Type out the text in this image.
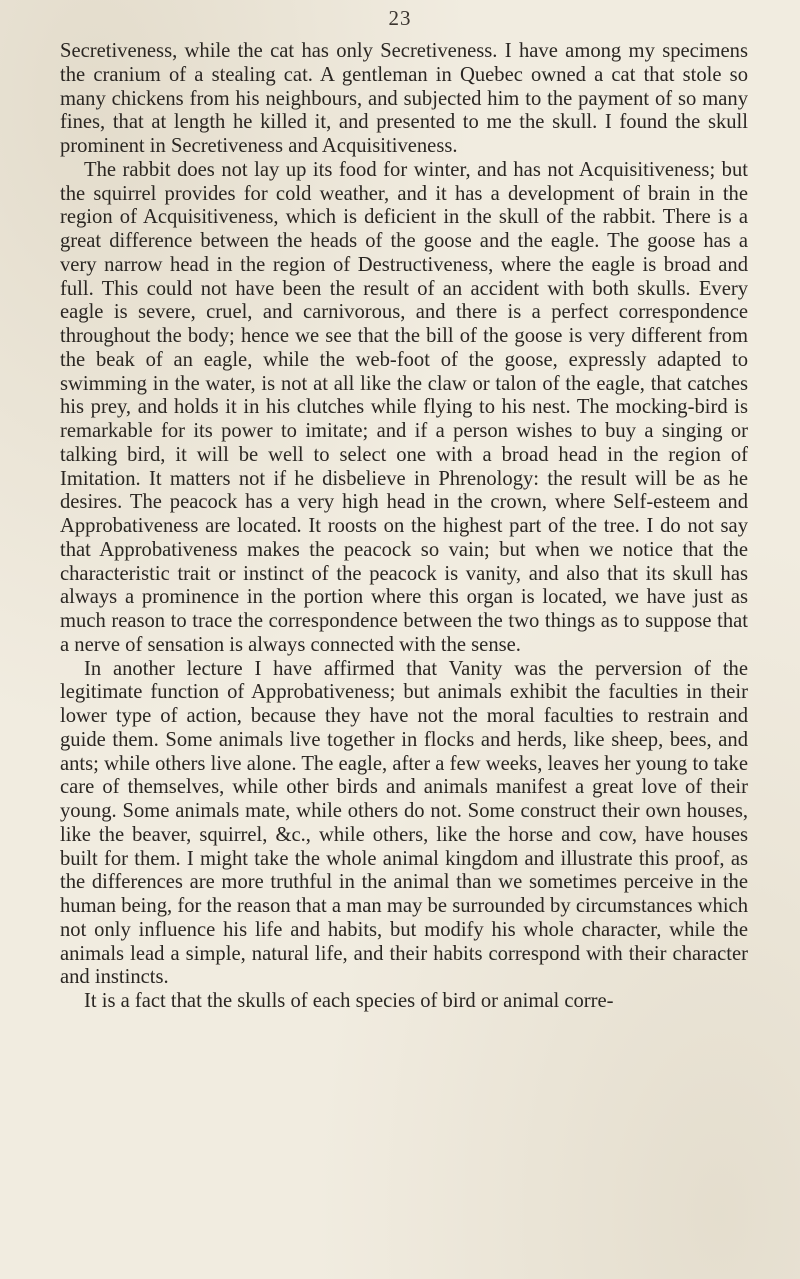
23

Secretiveness, while the cat has only Secretiveness. I have among my specimens the cranium of a stealing cat. A gentleman in Quebec owned a cat that stole so many chickens from his neighbours, and subjected him to the payment of so many fines, that at length he killed it, and presented to me the skull. I found the skull prominent in Secretiveness and Acquisitiveness.

The rabbit does not lay up its food for winter, and has not Acquisitiveness; but the squirrel provides for cold weather, and it has a development of brain in the region of Acquisitiveness, which is deficient in the skull of the rabbit. There is a great difference between the heads of the goose and the eagle. The goose has a very narrow head in the region of Destructiveness, where the eagle is broad and full. This could not have been the result of an accident with both skulls. Every eagle is severe, cruel, and carnivorous, and there is a perfect correspondence throughout the body; hence we see that the bill of the goose is very different from the beak of an eagle, while the web-foot of the goose, expressly adapted to swimming in the water, is not at all like the claw or talon of the eagle, that catches his prey, and holds it in his clutches while flying to his nest. The mocking-bird is remarkable for its power to imitate; and if a person wishes to buy a singing or talking bird, it will be well to select one with a broad head in the region of Imitation. It matters not if he disbelieve in Phrenology: the result will be as he desires. The peacock has a very high head in the crown, where Self-esteem and Approbativeness are located. It roosts on the highest part of the tree. I do not say that Approbativeness makes the peacock so vain; but when we notice that the characteristic trait or instinct of the peacock is vanity, and also that its skull has always a prominence in the portion where this organ is located, we have just as much reason to trace the correspondence between the two things as to suppose that a nerve of sensation is always connected with the sense.

In another lecture I have affirmed that Vanity was the perversion of the legitimate function of Approbativeness; but animals exhibit the faculties in their lower type of action, because they have not the moral faculties to restrain and guide them. Some animals live together in flocks and herds, like sheep, bees, and ants; while others live alone. The eagle, after a few weeks, leaves her young to take care of themselves, while other birds and animals manifest a great love of their young. Some animals mate, while others do not. Some construct their own houses, like the beaver, squirrel, &c., while others, like the horse and cow, have houses built for them. I might take the whole animal kingdom and illustrate this proof, as the differences are more truthful in the animal than we sometimes perceive in the human being, for the reason that a man may be surrounded by circumstances which not only influence his life and habits, but modify his whole character, while the animals lead a simple, natural life, and their habits correspond with their character and instincts.

It is a fact that the skulls of each species of bird or animal corre-
